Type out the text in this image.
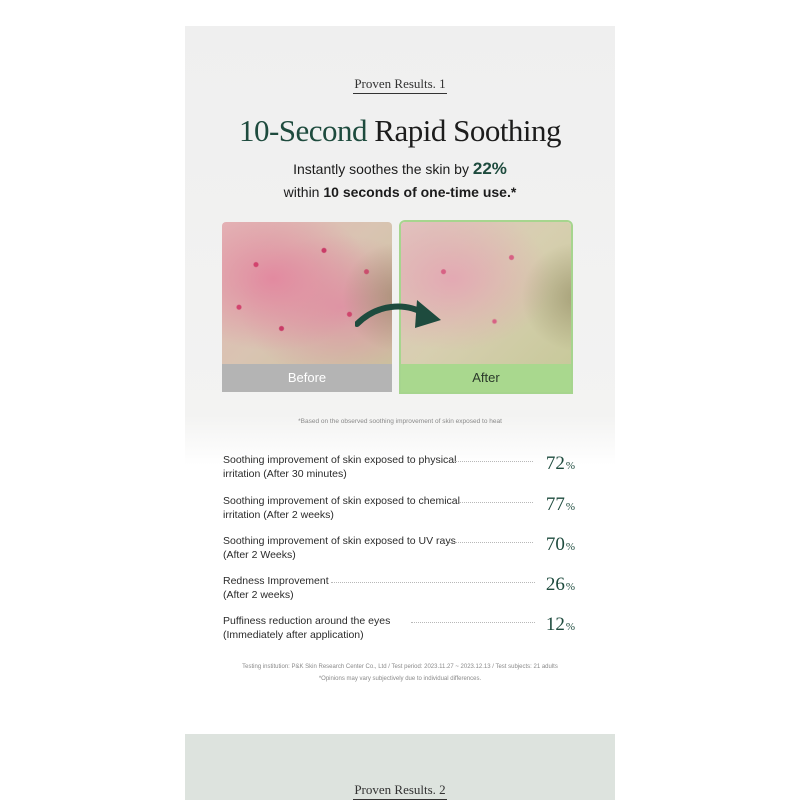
Proven Results. 1
10-Second Rapid Soothing
Instantly soothes the skin by 22%
within 10 seconds of one-time use.*
Before	After
*Based on the observed soothing improvement of skin exposed to heat
Soothing improvement of skin exposed to physical
irritation (After 30 minutes)	72%
Soothing improvement of skin exposed to chemical
irritation (After 2 weeks)	77%
Soothing improvement of skin exposed to UV rays
(After 2 Weeks)	70%
Redness Improvement
(After 2 weeks)	26%
Puffiness reduction around the eyes
(Immediately after application)	12%
Testing institution: P&K Skin Research Center Co., Ltd / Test period: 2023.11.27 ~ 2023.12.13 / Test subjects: 21 adults
*Opinions may vary subjectively due to individual differences.
Proven Results. 2
